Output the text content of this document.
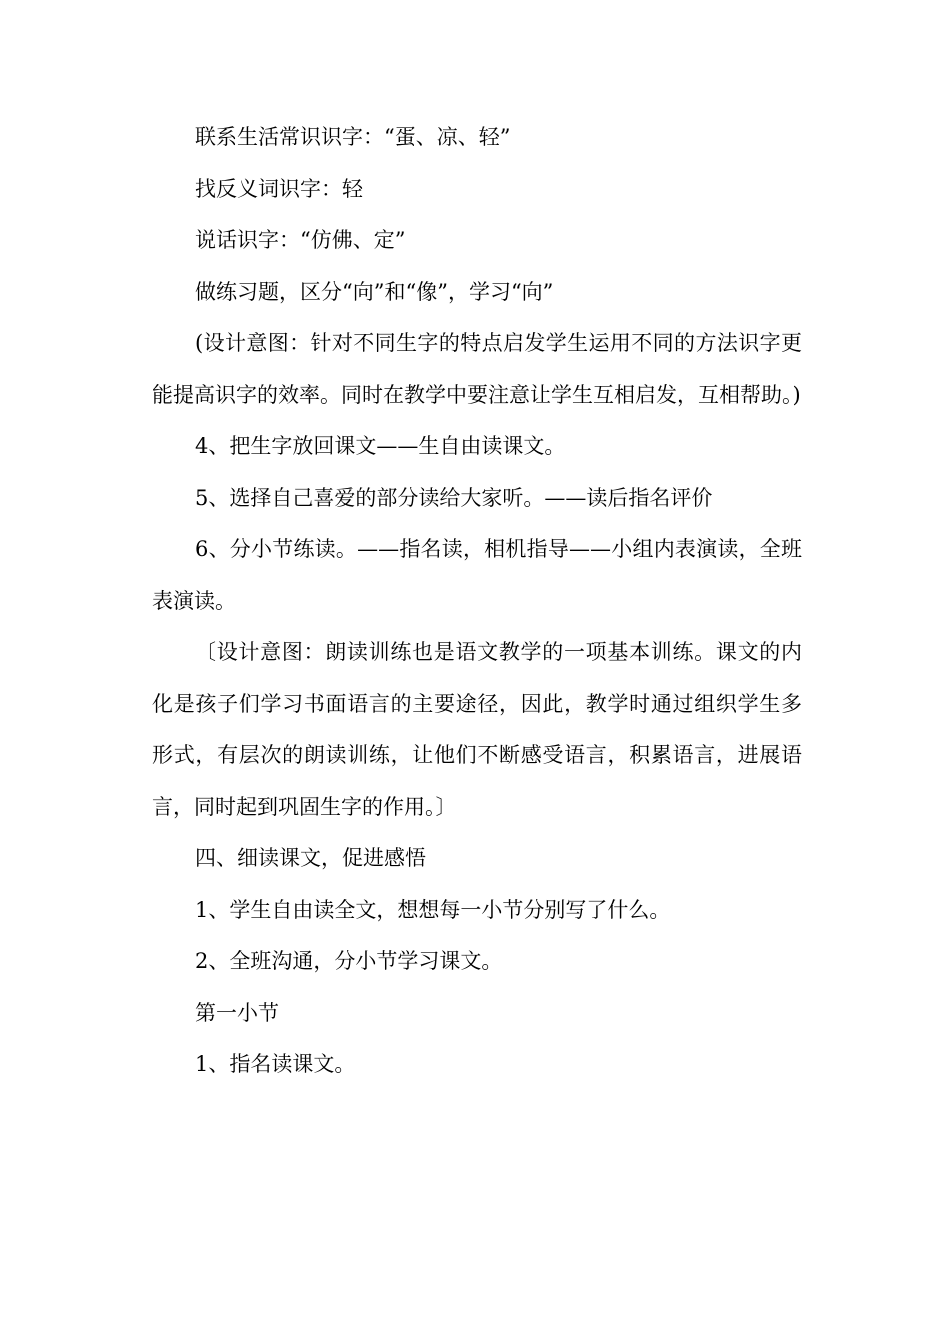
联系生活常识识字：“蛋、凉、轻”

找反义词识字：轻

说话识字：“仿佛、定”

做练习题，区分“向”和“像”，学习“向”

(设计意图：针对不同生字的特点启发学生运用不同的方法识字更能提高识字的效率。同时在教学中要注意让学生互相启发，互相帮助。)

4、把生字放回课文——生自由读课文。

5、选择自己喜爱的部分读给大家听。——读后指名评价

6、分小节练读。——指名读，相机指导——小组内表演读，全班表演读。

〔设计意图：朗读训练也是语文教学的一项基本训练。课文的内化是孩子们学习书面语言的主要途径，因此，教学时通过组织学生多形式，有层次的朗读训练，让他们不断感受语言，积累语言，进展语言，同时起到巩固生字的作用。〕

四、细读课文，促进感悟

1、学生自由读全文，想想每一小节分别写了什么。

2、全班沟通，分小节学习课文。

第一小节

1、指名读课文。
